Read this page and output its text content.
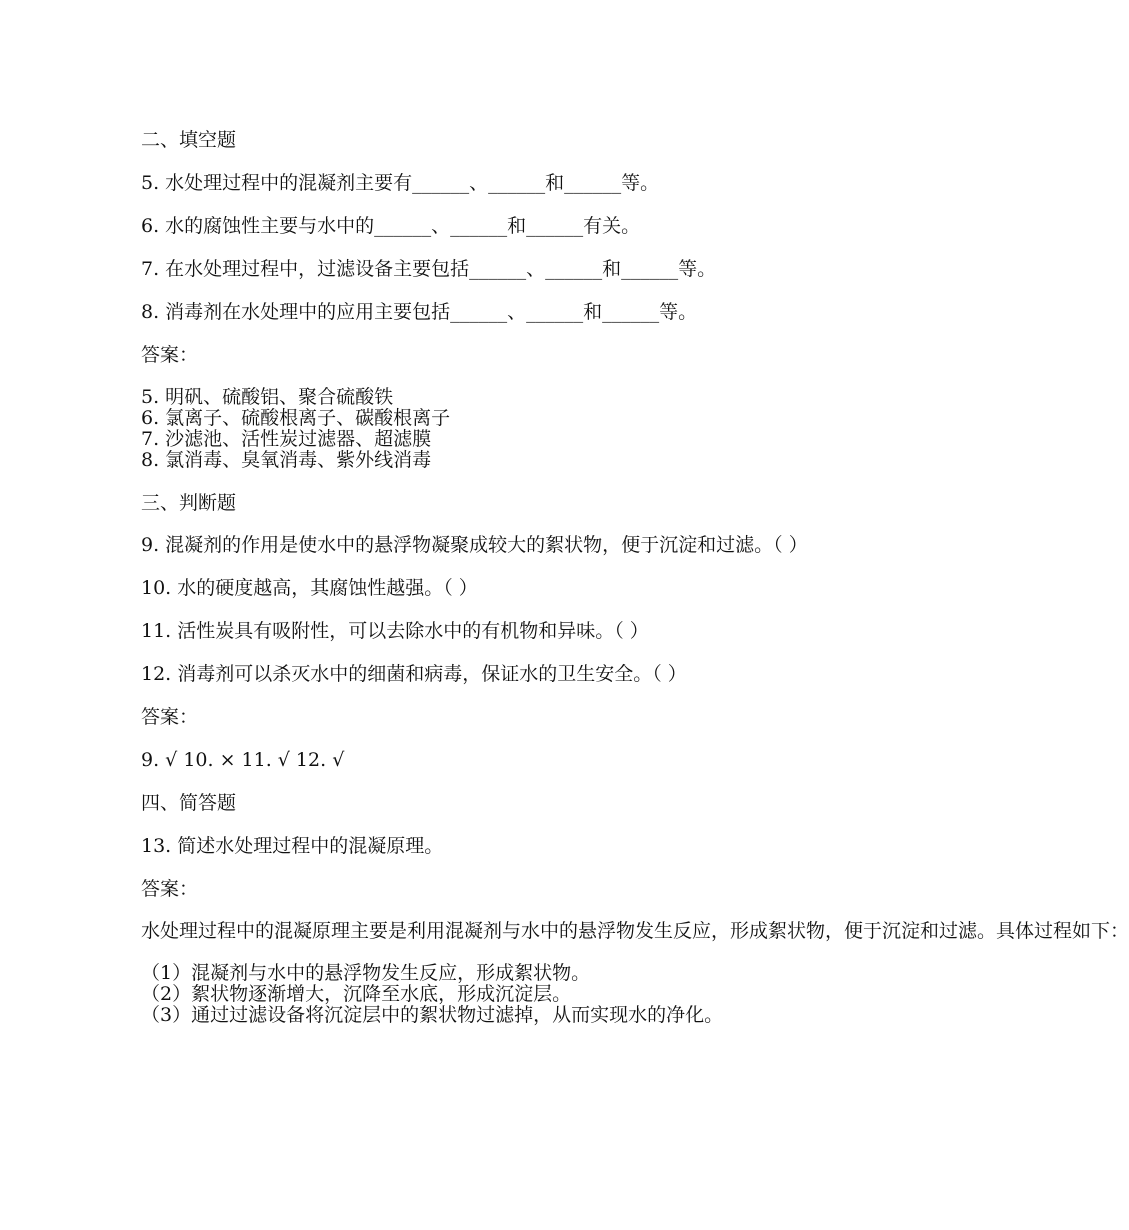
二、填空题

5. 水处理过程中的混凝剂主要有______、______和______等。

6. 水的腐蚀性主要与水中的______、______和______有关。

7. 在水处理过程中，过滤设备主要包括______、______和______等。

8. 消毒剂在水处理中的应用主要包括______、______和______等。

答案：

5. 明矾、硫酸铝、聚合硫酸铁

6. 氯离子、硫酸根离子、碳酸根离子

7. 沙滤池、活性炭过滤器、超滤膜

8. 氯消毒、臭氧消毒、紫外线消毒

三、判断题

9. 混凝剂的作用是使水中的悬浮物凝聚成较大的絮状物，便于沉淀和过滤。（ ）

10. 水的硬度越高，其腐蚀性越强。（ ）

11. 活性炭具有吸附性，可以去除水中的有机物和异味。（ ）

12. 消毒剂可以杀灭水中的细菌和病毒，保证水的卫生安全。（ ）

答案：

9. √ 10. × 11. √ 12. √

四、简答题

13. 简述水处理过程中的混凝原理。

答案：

水处理过程中的混凝原理主要是利用混凝剂与水中的悬浮物发生反应，形成絮状物，便于沉淀和过滤。具体过程如下：

（1）混凝剂与水中的悬浮物发生反应，形成絮状物。

（2）絮状物逐渐增大，沉降至水底，形成沉淀层。

（3）通过过滤设备将沉淀层中的絮状物过滤掉，从而实现水的净化。
